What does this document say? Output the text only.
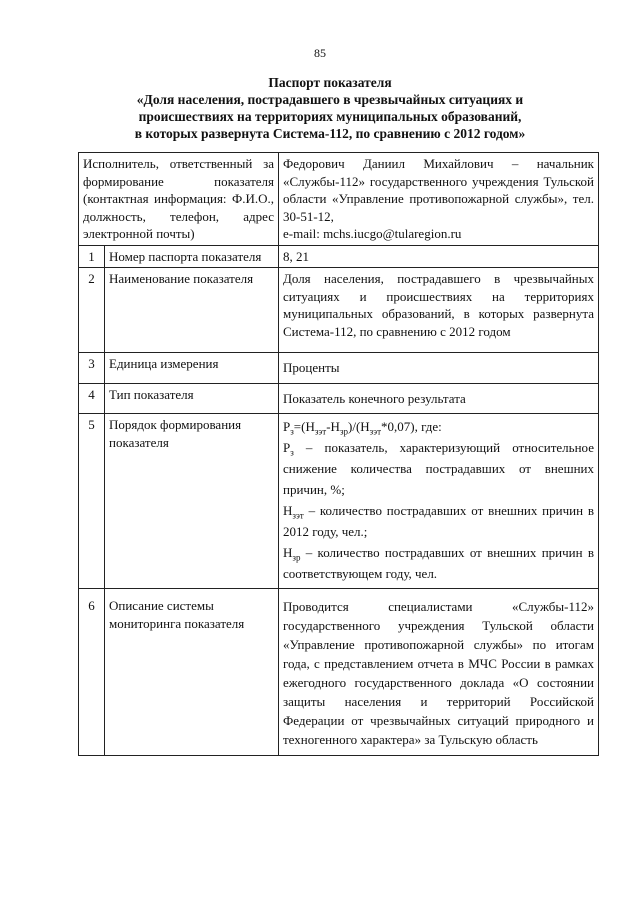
85
Паспорт показателя
«Доля населения, пострадавшего в чрезвычайных ситуациях и
происшествиях на территориях муниципальных образований,
в которых развернута Система-112, по сравнению с 2012 годом»
Исполнитель, ответственный за формирование показателя (контактная информация: Ф.И.О., должность, телефон, адрес электронной почты)		Федорович Даниил Михайлович – начальник «Службы-112» государственного учреждения Тульской области «Управление противопожарной службы», тел. 30-51-12,
e-mail: mchs.iucgo@tularegion.ru

1	Номер паспорта показателя	8, 21
2	Наименование показателя	Доля населения, пострадавшего в чрезвычайных ситуациях и происшествиях на территориях муниципальных образований, в которых развернута Система-112, по сравнению с 2012 годом
3	Единица измерения	Проценты
4	Тип показателя	Показатель конечного результата
5	Порядок формирования показателя	$Р_з=(Н_{зэт}-Н_{зр})/(Н_{зэт}*0,07)$, где:
$Р_з$ – показатель, характеризующий относительное снижение количества пострадавших от внешних причин, %;
$Н_{зэт}$ – количество пострадавших от внешних причин в 2012 году, чел.;
$Н_{зр}$ – количество пострадавших от внешних причин в соответствующем году, чел.

6	Описание системы мониторинга показателя	Проводится специалистами «Службы-112» государственного учреждения Тульской области «Управление противопожарной службы» по итогам года, с представлением отчета в МЧС России в рамках ежегодного государственного доклада «О состоянии защиты населения и территорий Российской Федерации от чрезвычайных ситуаций природного и техногенного характера» за Тульскую область
